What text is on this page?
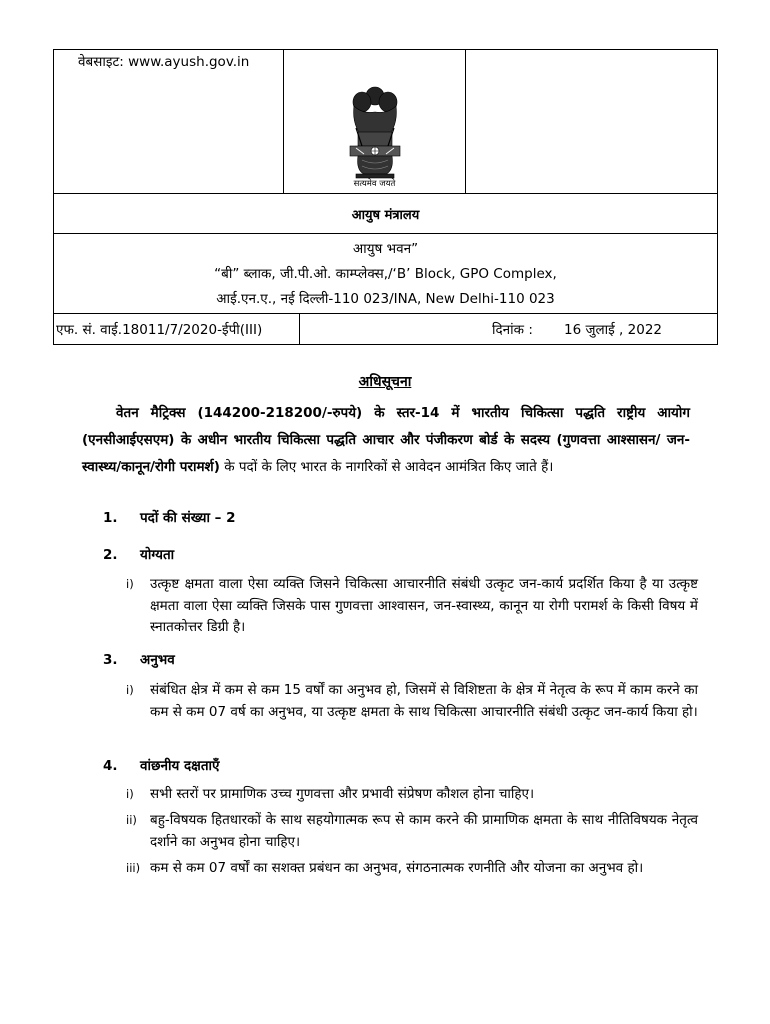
वेबसाइट: www.ayush.gov.in
सत्यमेव जयते
आयुष मंत्रालय
आयुष भवन”
“बी” ब्लाक, जी.पी.ओ. काम्प्लेक्स,/‘B’ Block, GPO Complex,
आई.एन.ए., नई दिल्ली-110 023/INA, New Delhi-110 023
एफ. सं. वाई.18011/7/2020-ईपी(III)	दिनांक : 16 जुलाई , 2022
अधिसूचना
वेतन मैट्रिक्स (144200-218200/-रुपये) के स्तर-14 में भारतीय चिकित्सा पद्धति राष्ट्रीय आयोग (एनसीआईएसएम) के अधीन भारतीय चिकित्सा पद्धति आचार और पंजीकरण बोर्ड के सदस्य (गुणवत्ता आश्सासन/ जन-स्वास्थ्य/कानून/रोगी परामर्श) के पदों के लिए भारत के नागरिकों से आवेदन आमंत्रित किए जाते हैं।
1. पदों की संख्या – 2
2. योग्यता
i) उत्कृष्ट क्षमता वाला ऐसा व्यक्ति जिसने चिकित्सा आचारनीति संबंधी उत्कृट जन-कार्य प्रदर्शित किया है या उत्कृष्ट क्षमता वाला ऐसा व्यक्ति जिसके पास गुणवत्ता आश्वासन, जन-स्वास्थ्य, कानून या रोगी परामर्श के किसी विषय में स्नातकोत्तर डिग्री है।
3. अनुभव
i) संबंधित क्षेत्र में कम से कम 15 वर्षों का अनुभव हो, जिसमें से विशिष्टता के क्षेत्र में नेतृत्व के रूप में काम करने का कम से कम 07 वर्ष का अनुभव, या उत्कृष्ट क्षमता के साथ चिकित्सा आचारनीति संबंधी उत्कृट जन-कार्य किया हो।
4. वांछनीय दक्षताएँ
i) सभी स्तरों पर प्रामाणिक उच्च गुणवत्ता और प्रभावी संप्रेषण कौशल होना चाहिए।
ii) बहु-विषयक हितधारकों के साथ सहयोगात्मक रूप से काम करने की प्रामाणिक क्षमता के साथ नीतिविषयक नेतृत्व दर्शाने का अनुभव होना चाहिए।
iii) कम से कम 07 वर्षों का सशक्त प्रबंधन का अनुभव, संगठनात्मक रणनीति और योजना का अनुभव हो।
